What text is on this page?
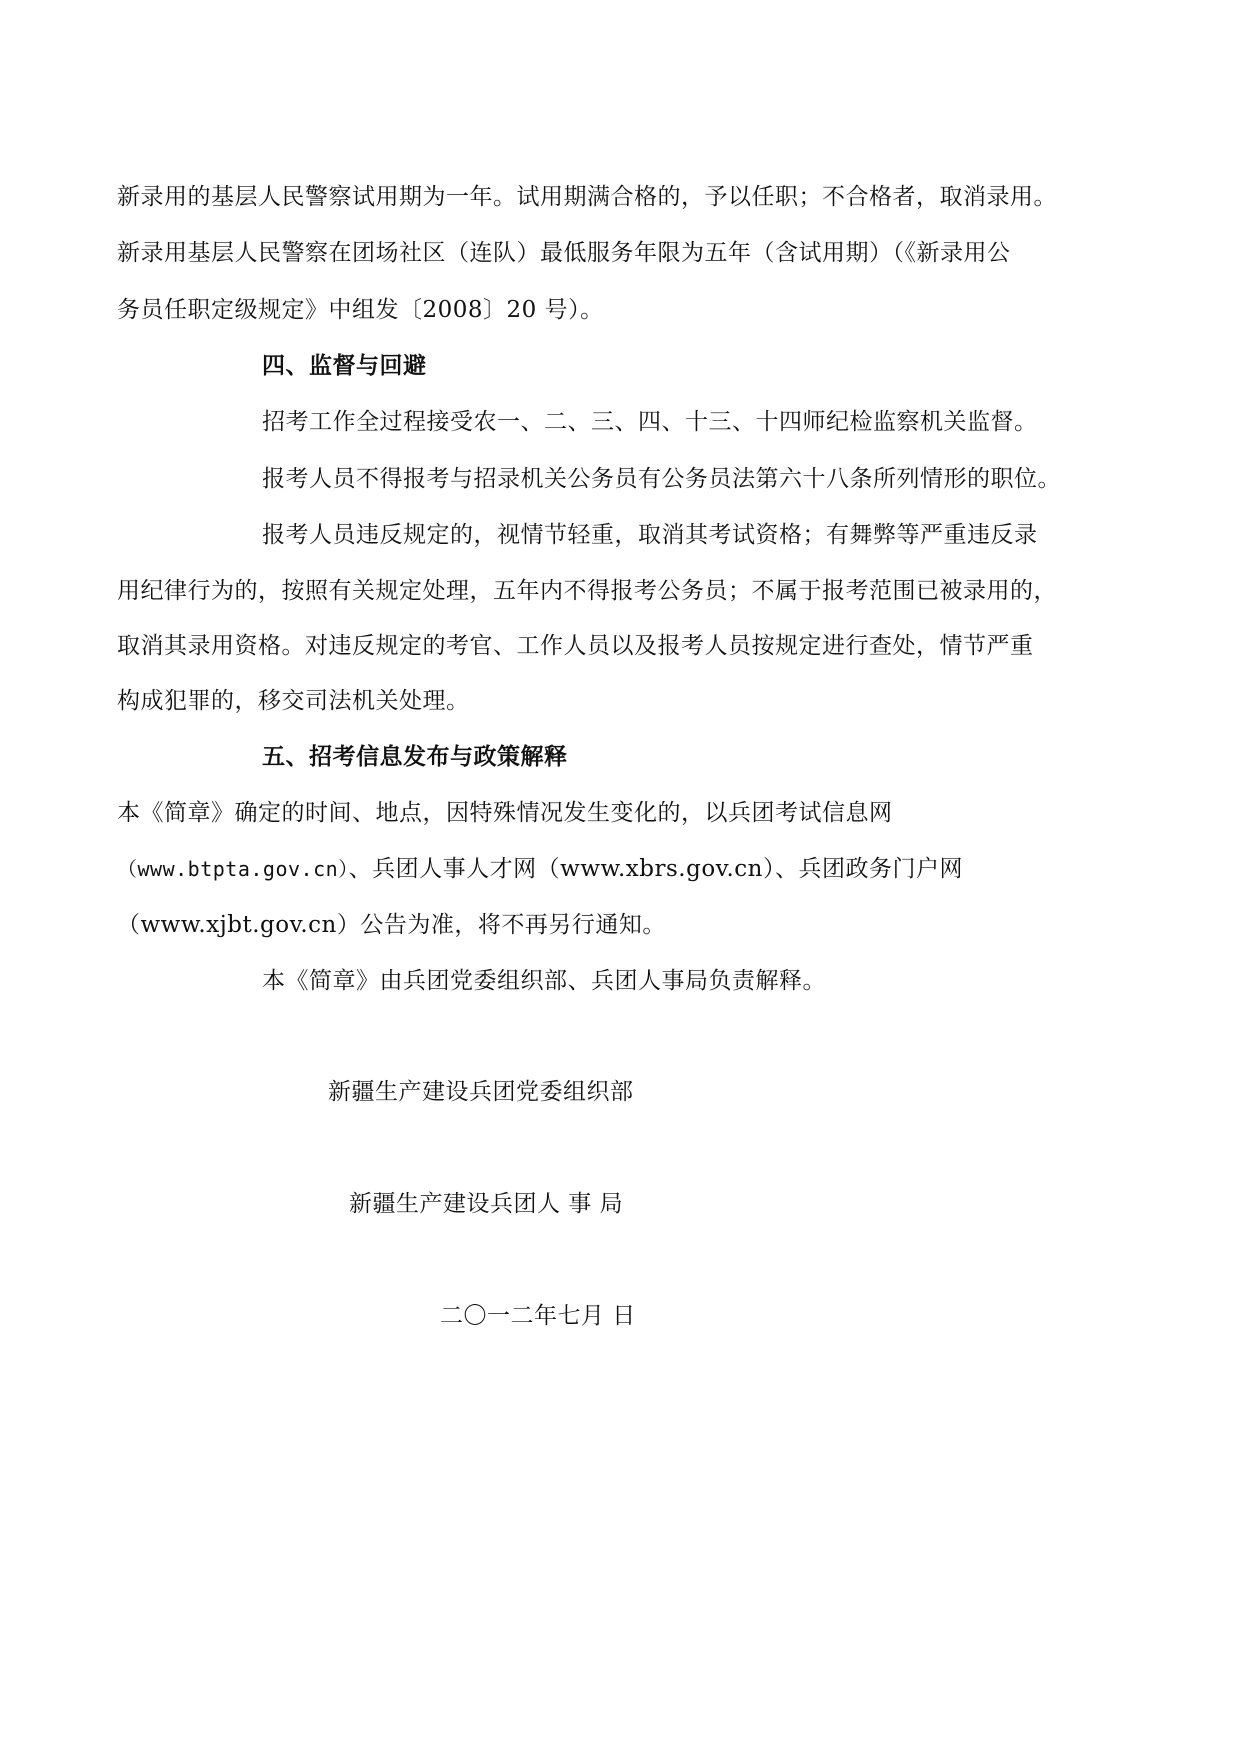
新录用的基层人民警察试用期为一年。试用期满合格的，予以任职；不合格者，取消录用。
新录用基层人民警察在团场社区（连队）最低服务年限为五年（含试用期）（《新录用公
务员任职定级规定》中组发〔2008〕20 号）。
四、监督与回避
招考工作全过程接受农一、二、三、四、十三、十四师纪检监察机关监督。
报考人员不得报考与招录机关公务员有公务员法第六十八条所列情形的职位。
报考人员违反规定的，视情节轻重，取消其考试资格；有舞弊等严重违反录
用纪律行为的，按照有关规定处理，五年内不得报考公务员；不属于报考范围已被录用的，
取消其录用资格。对违反规定的考官、工作人员以及报考人员按规定进行查处，情节严重
构成犯罪的，移交司法机关处理。
五、招考信息发布与政策解释
本《简章》确定的时间、地点，因特殊情况发生变化的，以兵团考试信息网
（www.btpta.gov.cn）、兵团人事人才网（www.xbrs.gov.cn）、兵团政务门户网
（www.xjbt.gov.cn）公告为准，将不再另行通知。
本《简章》由兵团党委组织部、兵团人事局负责解释。
新疆生产建设兵团党委组织部
新疆生产建设兵团人 事 局
二〇一二年七月 日
